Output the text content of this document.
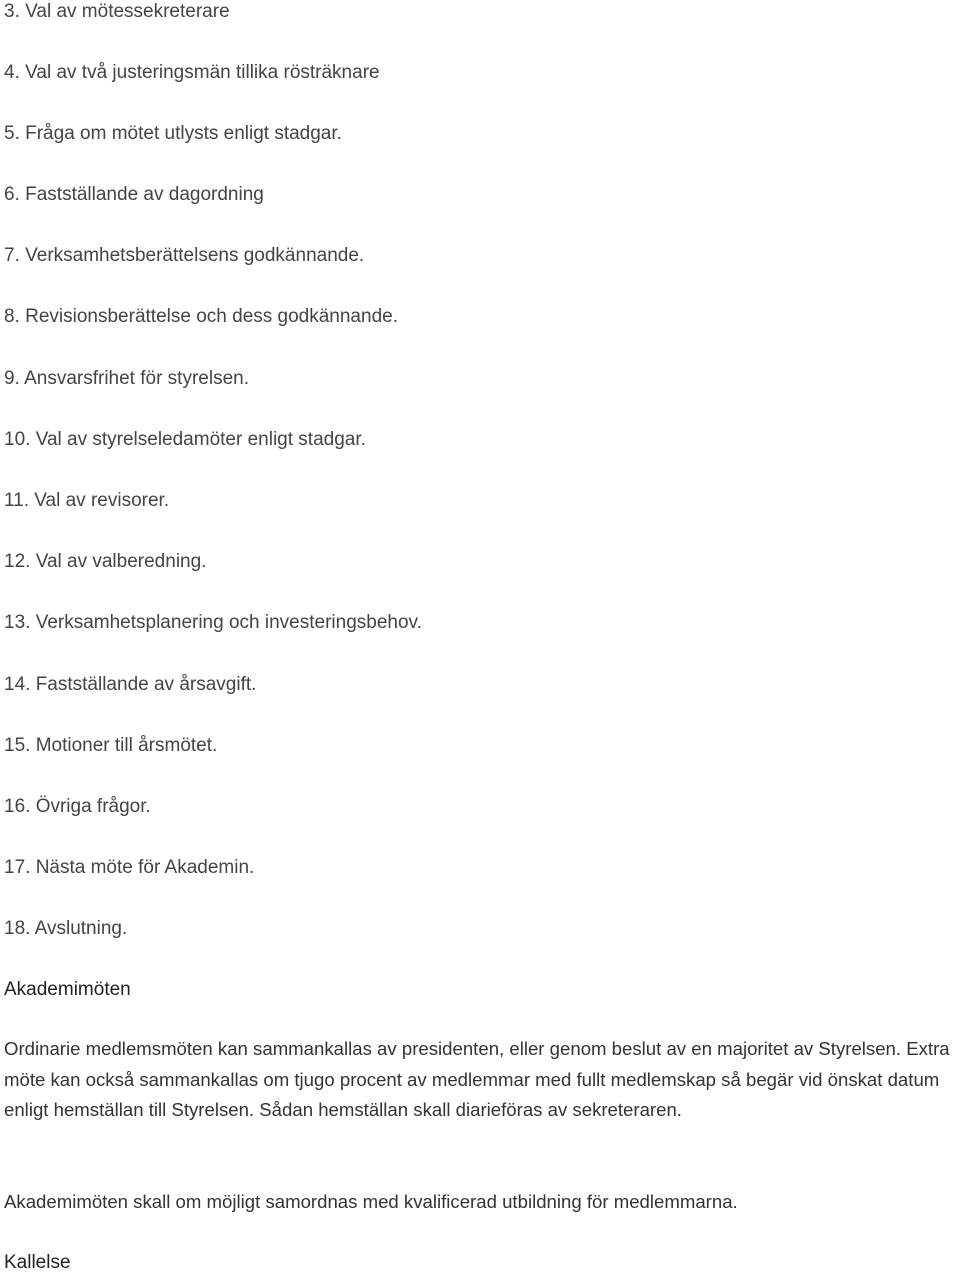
3. Val av mötessekreterare

4. Val av två justeringsmän tillika rösträknare

5. Fråga om mötet utlysts enligt stadgar.

6. Fastställande av dagordning

7. Verksamhetsberättelsens godkännande.

8. Revisionsberättelse och dess godkännande.

9. Ansvarsfrihet för styrelsen.

10. Val av styrelseledamöter enligt stadgar.

11. Val av revisorer.

12. Val av valberedning.

13. Verksamhetsplanering och investeringsbehov.

14. Fastställande av årsavgift.

15. Motioner till årsmötet.

16. Övriga frågor.

17. Nästa möte för Akademin.

18. Avslutning.

Akademimöten

Ordinarie medlemsmöten kan sammankallas av presidenten, eller genom beslut av en majoritet av Styrelsen. Extra möte kan också sammankallas om tjugo procent av medlemmar med fullt medlemskap så begär vid önskat datum enligt hemställan till Styrelsen. Sådan hemställan skall diarieföras av sekreteraren.

Akademimöten skall om möjligt samordnas med kvalificerad utbildning för medlemmarna.

Kallelse
